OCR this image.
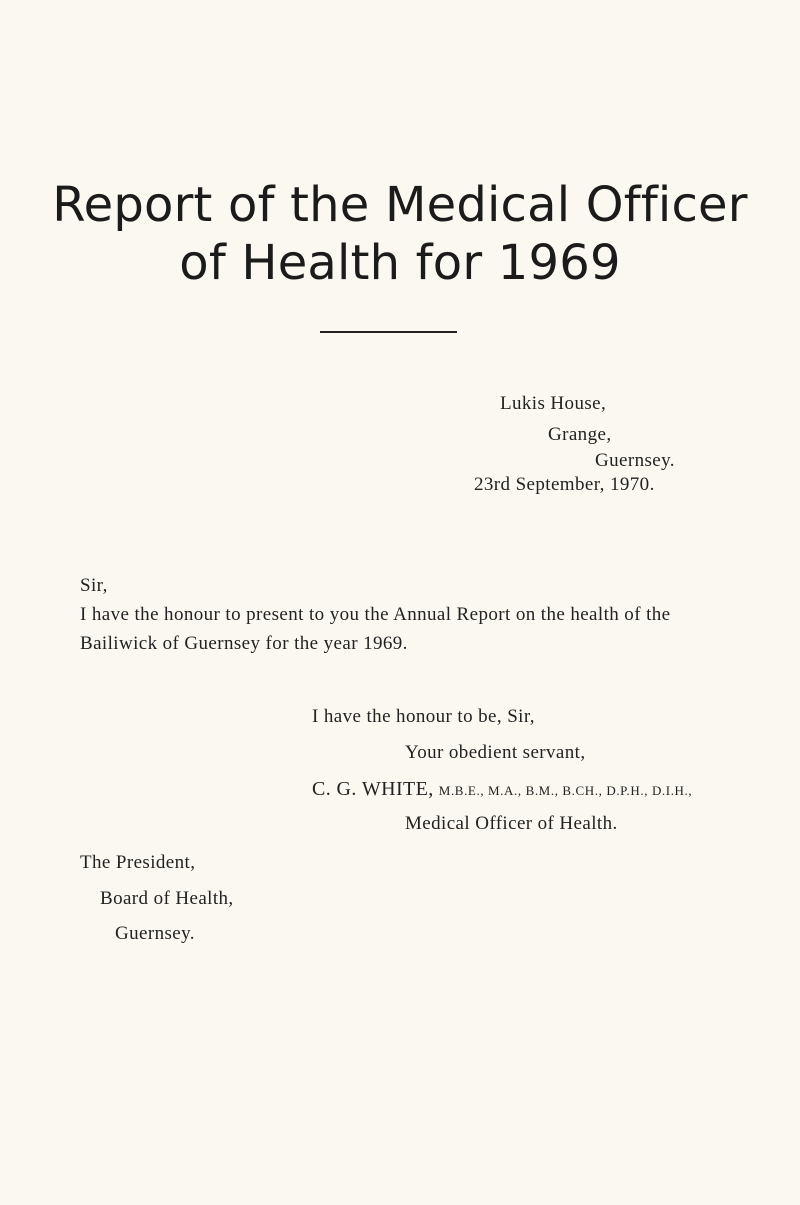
Report of the Medical Officer
of Health for 1969

Lukis House,

Grange,

Guernsey.

23rd September, 1970.

Sir,

I have the honour to present to you the Annual Report on the health of the
Bailiwick of Guernsey for the year 1969.

I have the honour to be, Sir,

Your obedient servant,

C. G. WHITE, M.B.E., M.A., B.M., B.CH., D.P.H., D.I.H.,

Medical Officer of Health.

The President,

Board of Health,

Guernsey.
